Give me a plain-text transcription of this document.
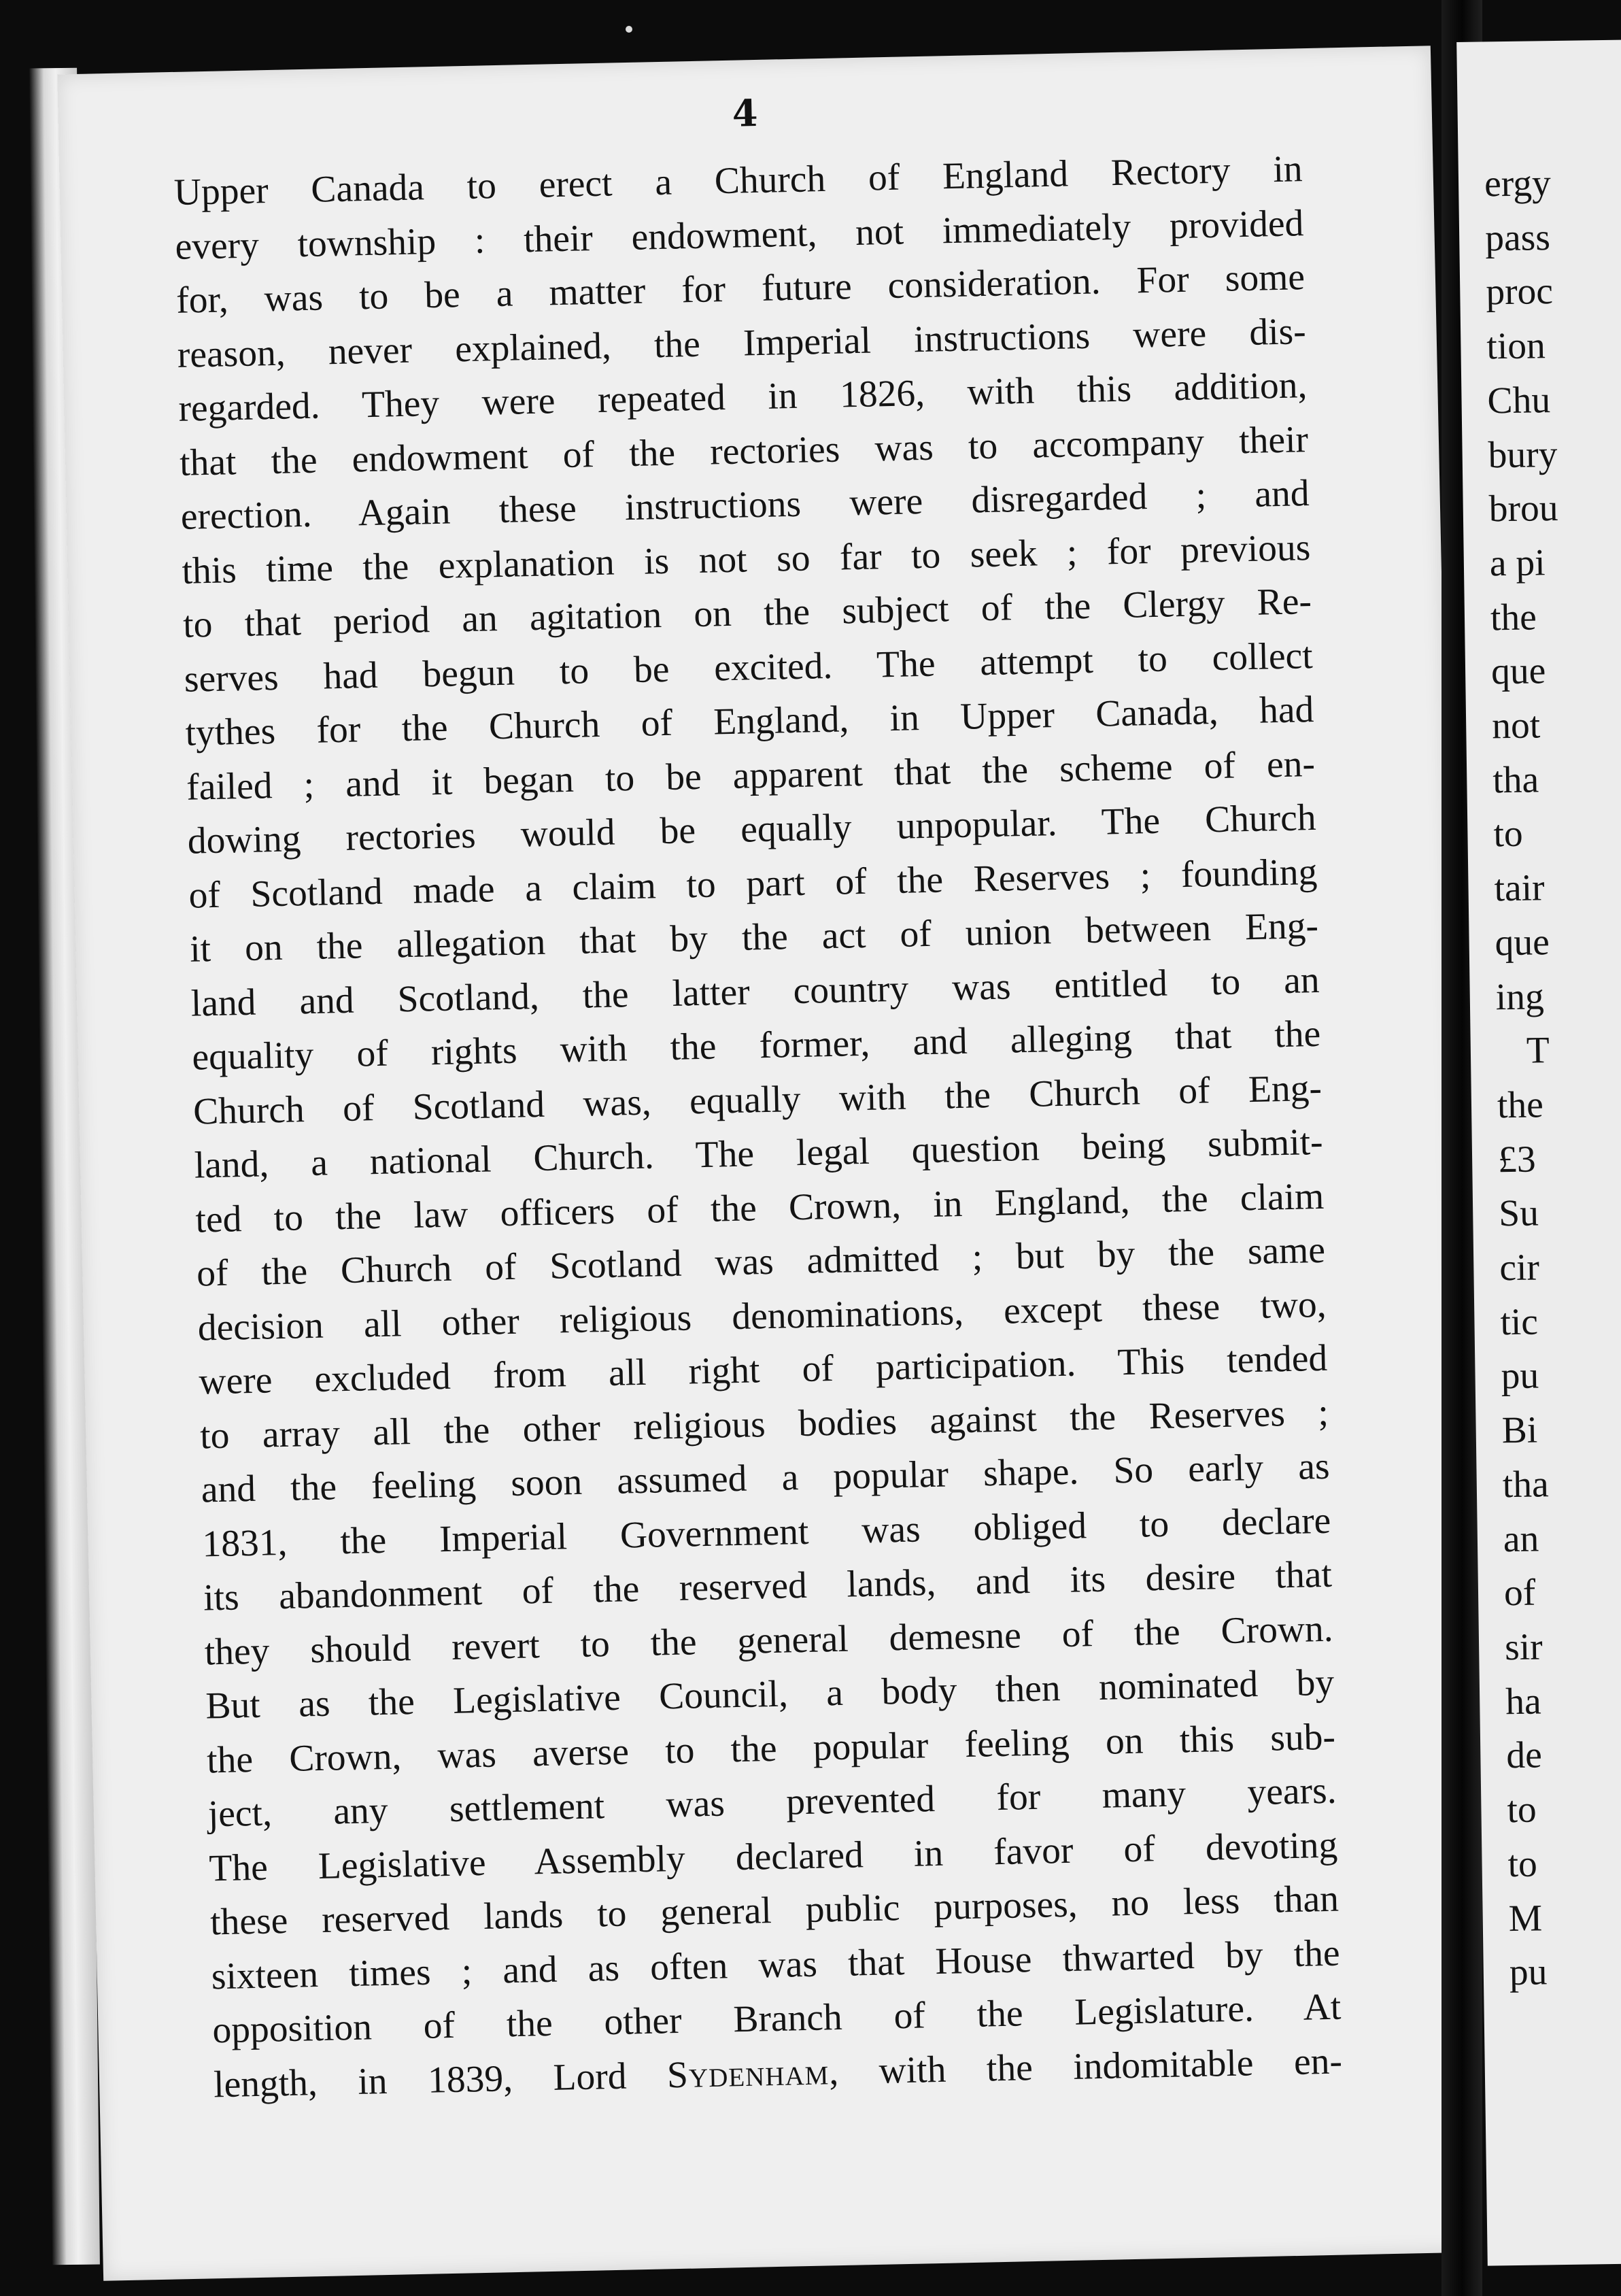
4
Upper Canada to erect a Church of England Rectory in
every township : their endowment, not immediately provided
for, was to be a matter for future consideration. For some
reason, never explained, the Imperial instructions were dis-
regarded. They were repeated in 1826, with this addition,
that the endowment of the rectories was to accompany their
erection. Again these instructions were disregarded ; and
this time the explanation is not so far to seek ; for previous
to that period an agitation on the subject of the Clergy Re-
serves had begun to be excited. The attempt to collect
tythes for the Church of England, in Upper Canada, had
failed ; and it began to be apparent that the scheme of en-
dowing rectories would be equally unpopular. The Church
of Scotland made a claim to part of the Reserves ; founding
it on the allegation that by the act of union between Eng-
land and Scotland, the latter country was entitled to an
equality of rights with the former, and alleging that the
Church of Scotland was, equally with the Church of Eng-
land, a national Church. The legal question being submit-
ted to the law officers of the Crown, in England, the claim
of the Church of Scotland was admitted ; but by the same
decision all other religious denominations, except these two,
were excluded from all right of participation. This tended
to array all the other religious bodies against the Reserves ;
and the feeling soon assumed a popular shape. So early as
1831, the Imperial Government was obliged to declare
its abandonment of the reserved lands, and its desire that
they should revert to the general demesne of the Crown.
But as the Legislative Council, a body then nominated by
the Crown, was averse to the popular feeling on this sub-
ject, any settlement was prevented for many years.
The Legislative Assembly declared in favor of devoting
these reserved lands to general public purposes, no less than
sixteen times ; and as often was that House thwarted by the
opposition of the other Branch of the Legislature. At
length, in 1839, Lord Sydenham, with the indomitable en-
ergy
pass
proc
tion
Chu
bury
brou
a pi
the
que
not
tha
to
tair
que
ing
T
the
£3
Su
cir
tic
pu
Bi
tha
an
of
sir
ha
de
to
to
M
pu
